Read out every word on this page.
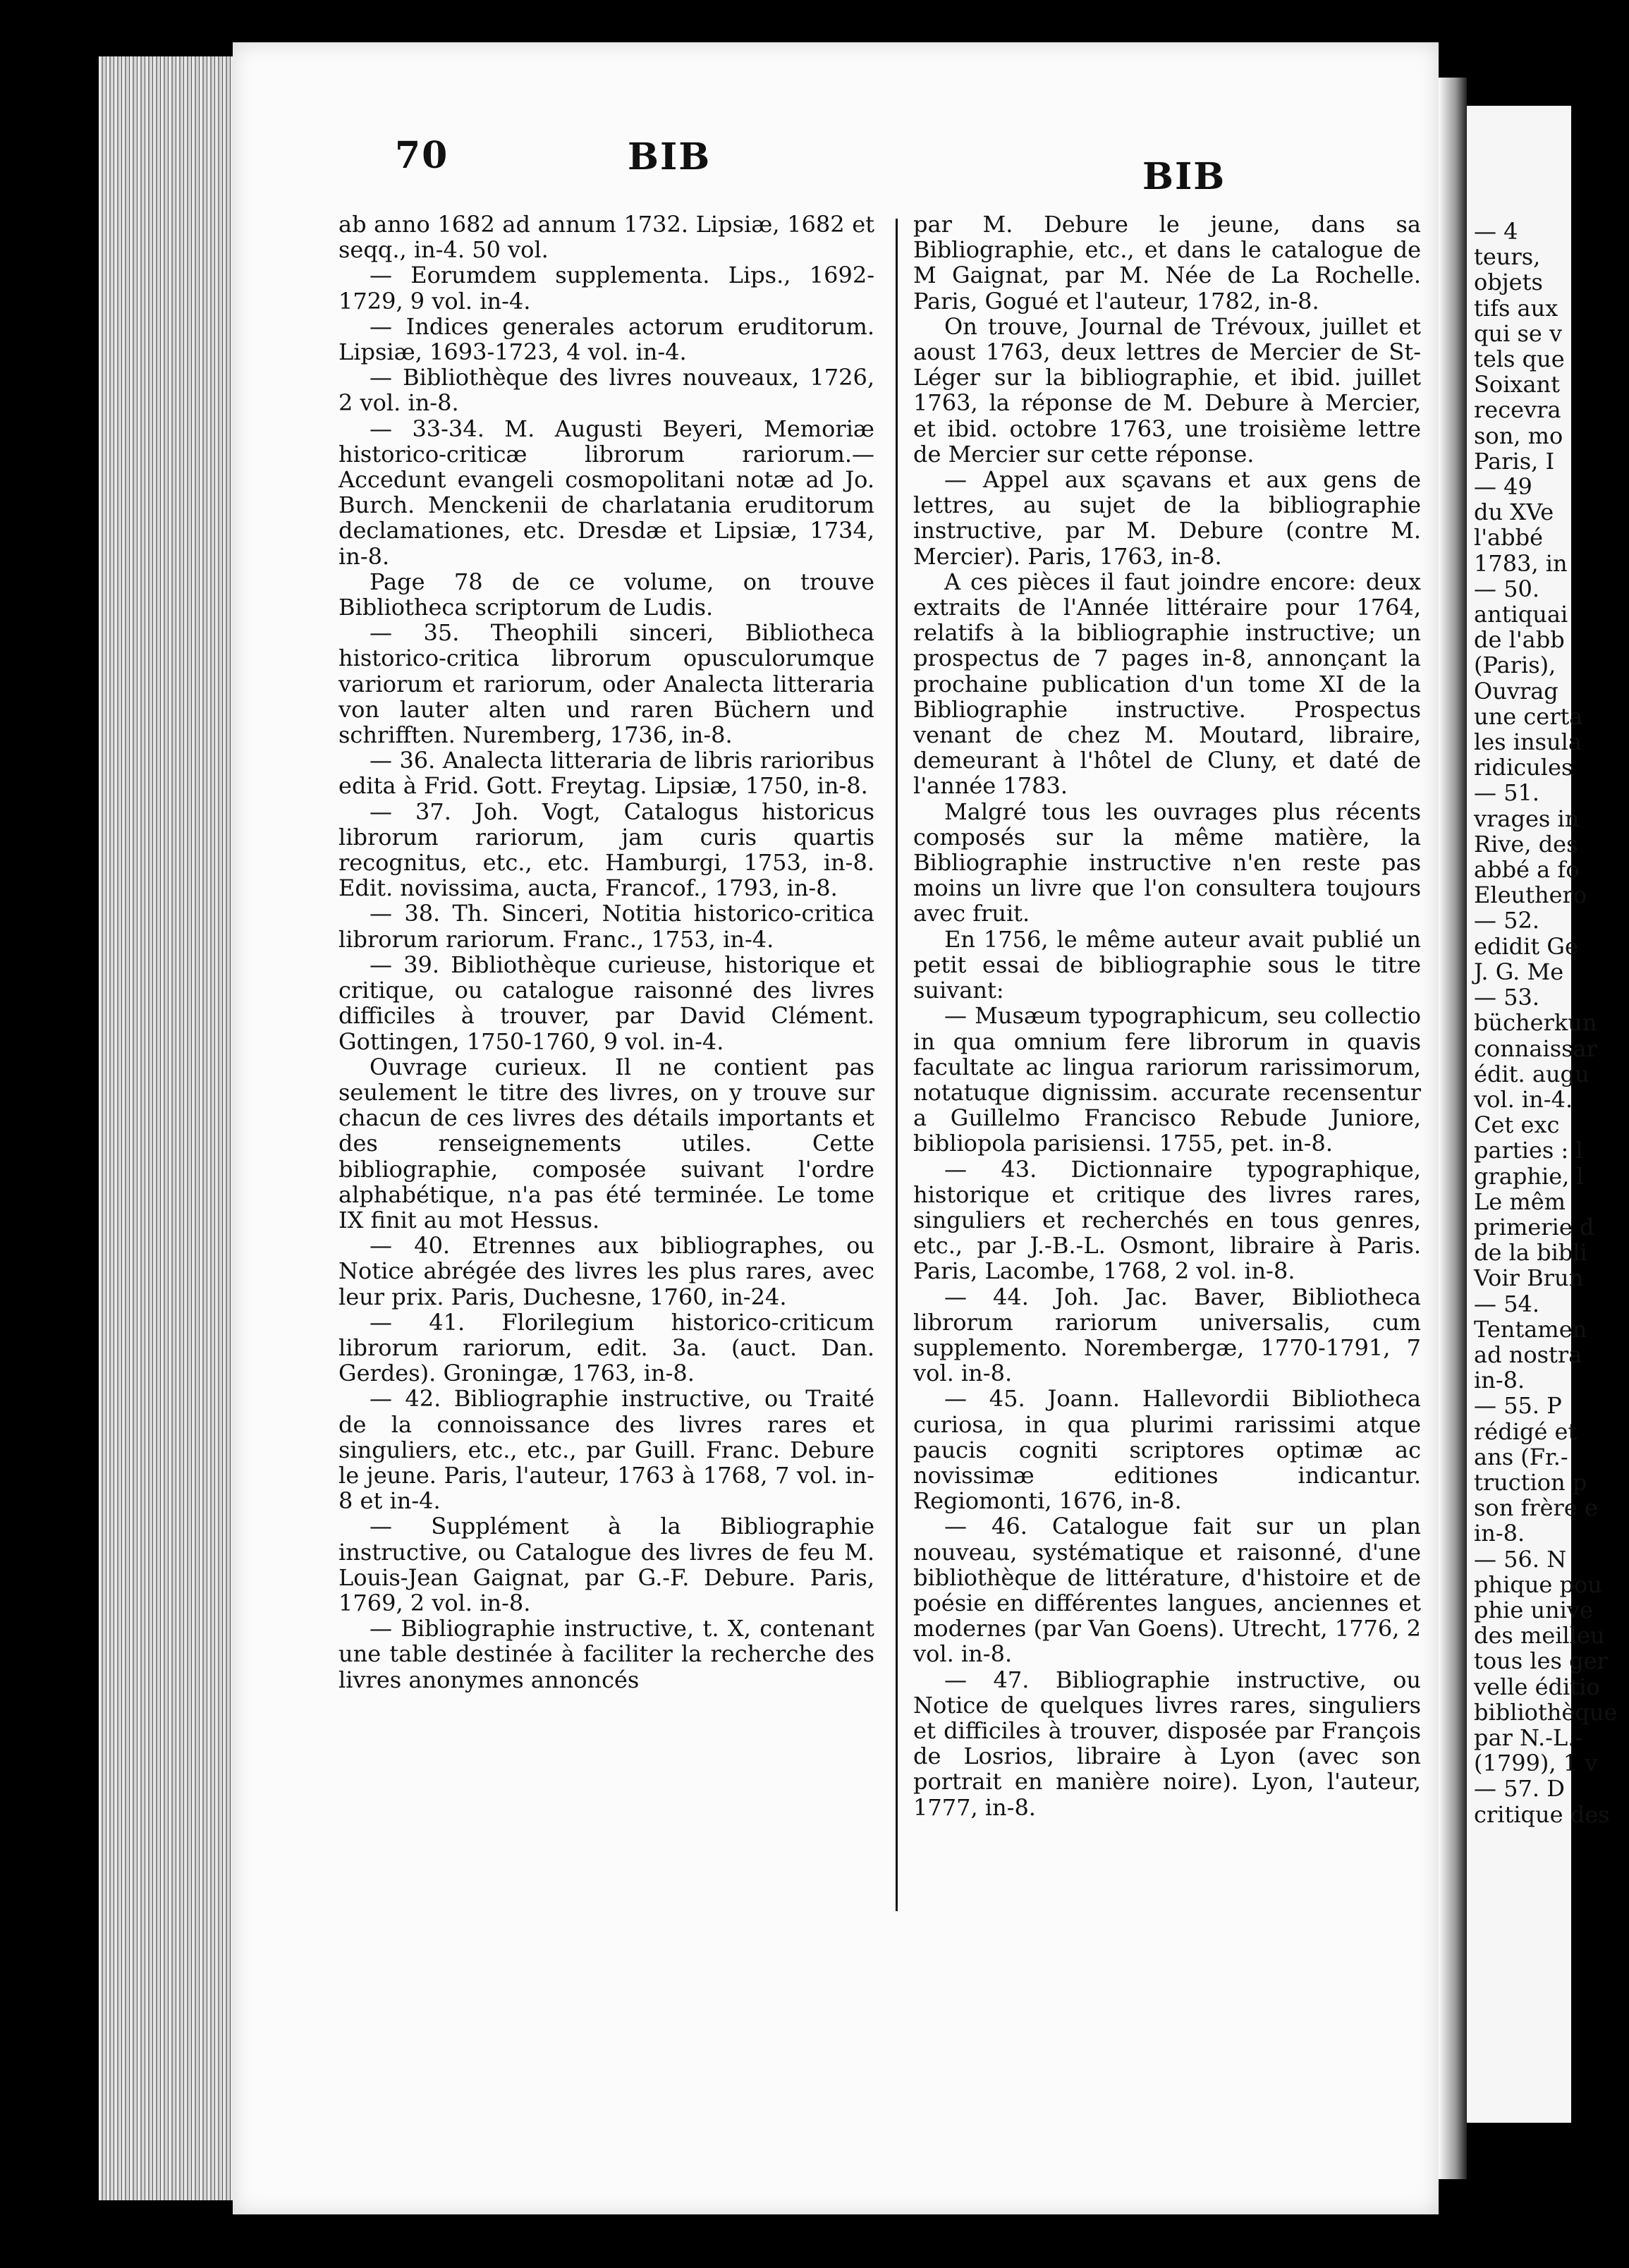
70	BIB	BIB

ab anno 1682 ad annum 1732. Lipsiæ, 1682 et seqq., in-4. 50 vol.

— Eorumdem supplementa. Lips., 1692-1729, 9 vol. in-4.

— Indices generales actorum eruditorum. Lipsiæ, 1693-1723, 4 vol. in-4.

— Bibliothèque des livres nouveaux, 1726, 2 vol. in-8.

— 33-34. M. Augusti Beyeri, Memoriæ historico-criticæ librorum rariorum.—Accedunt evangeli cosmopolitani notæ ad Jo. Burch. Menckenii de charlatania eruditorum declamationes, etc. Dresdæ et Lipsiæ, 1734, in-8.

Page 78 de ce volume, on trouve Bibliotheca scriptorum de Ludis.

— 35. Theophili sinceri, Bibliotheca historico-critica librorum opusculorumque variorum et rariorum, oder Analecta litteraria von lauter alten und raren Büchern und schrifften. Nuremberg, 1736, in-8.

— 36. Analecta litteraria de libris rarioribus edita à Frid. Gott. Freytag. Lipsiæ, 1750, in-8.

— 37. Joh. Vogt, Catalogus historicus librorum rariorum, jam curis quartis recognitus, etc., etc. Hamburgi, 1753, in-8. Edit. novissima, aucta, Francof., 1793, in-8.

— 38. Th. Sinceri, Notitia historico-critica librorum rariorum. Franc., 1753, in-4.

— 39. Bibliothèque curieuse, historique et critique, ou catalogue raisonné des livres difficiles à trouver, par David Clément. Gottingen, 1750-1760, 9 vol. in-4.

Ouvrage curieux. Il ne contient pas seulement le titre des livres, on y trouve sur chacun de ces livres des détails importants et des renseignements utiles. Cette bibliographie, composée suivant l'ordre alphabétique, n'a pas été terminée. Le tome IX finit au mot Hessus.

— 40. Etrennes aux bibliographes, ou Notice abrégée des livres les plus rares, avec leur prix. Paris, Duchesne, 1760, in-24.

— 41. Florilegium historico-criticum librorum rariorum, edit. 3a. (auct. Dan. Gerdes). Groningæ, 1763, in-8.

— 42. Bibliographie instructive, ou Traité de la connoissance des livres rares et singuliers, etc., etc., par Guill. Franc. Debure le jeune. Paris, l'auteur, 1763 à 1768, 7 vol. in-8 et in-4.

— Supplément à la Bibliographie instructive, ou Catalogue des livres de feu M. Louis-Jean Gaignat, par G.-F. Debure. Paris, 1769, 2 vol. in-8.

— Bibliographie instructive, t. X, contenant une table destinée à faciliter la recherche des livres anonymes annoncés

par M. Debure le jeune, dans sa Bibliographie, etc., et dans le catalogue de M Gaignat, par M. Née de La Rochelle. Paris, Gogué et l'auteur, 1782, in-8.

On trouve, Journal de Trévoux, juillet et aoust 1763, deux lettres de Mercier de St-Léger sur la bibliographie, et ibid. juillet 1763, la réponse de M. Debure à Mercier, et ibid. octobre 1763, une troisième lettre de Mercier sur cette réponse.

— Appel aux sçavans et aux gens de lettres, au sujet de la bibliographie instructive, par M. Debure (contre M. Mercier). Paris, 1763, in-8.

A ces pièces il faut joindre encore: deux extraits de l'Année littéraire pour 1764, relatifs à la bibliographie instructive; un prospectus de 7 pages in-8, annonçant la prochaine publication d'un tome XI de la Bibliographie instructive. Prospectus venant de chez M. Moutard, libraire, demeurant à l'hôtel de Cluny, et daté de l'année 1783.

Malgré tous les ouvrages plus récents composés sur la même matière, la Bibliographie instructive n'en reste pas moins un livre que l'on consultera toujours avec fruit.

En 1756, le même auteur avait publié un petit essai de bibliographie sous le titre suivant:

— Musæum typographicum, seu collectio in qua omnium fere librorum in quavis facultate ac lingua rariorum rarissimorum, notatuque dignissim. accurate recensentur a Guillelmo Francisco Rebude Juniore, bibliopola parisiensi. 1755, pet. in-8.

— 43. Dictionnaire typographique, historique et critique des livres rares, singuliers et recherchés en tous genres, etc., par J.-B.-L. Osmont, libraire à Paris. Paris, Lacombe, 1768, 2 vol. in-8.

— 44. Joh. Jac. Baver, Bibliotheca librorum rariorum universalis, cum supplemento. Norembergæ, 1770-1791, 7 vol. in-8.

— 45. Joann. Hallevordii Bibliotheca curiosa, in qua plurimi rarissimi atque paucis cogniti scriptores optimæ ac novissimæ editiones indicantur. Regiomonti, 1676, in-8.

— 46. Catalogue fait sur un plan nouveau, systématique et raisonné, d'une bibliothèque de littérature, d'histoire et de poésie en différentes langues, anciennes et modernes (par Van Goens). Utrecht, 1776, 2 vol. in-8.

— 47. Bibliographie instructive, ou Notice de quelques livres rares, singuliers et difficiles à trouver, disposée par François de Losrios, libraire à Lyon (avec son portrait en manière noire). Lyon, l'auteur, 1777, in-8.

— 4

teurs,

objets

tifs aux

qui se v

tels que

Soixant

recevra

son, mo

Paris, I

— 49

du XVe

l'abbé

1783, in

— 50.

antiquai

de l'abb

(Paris),

Ouvrag

une certa

les insula

ridicules

— 51.

vrages in

Rive, des

abbé a fo

Eleuthero

— 52.

edidit Ge

J. G. Me

— 53.

bücherkun

connaissar

édit. augu

vol. in-4.

Cet exc

parties : l

graphie, l

Le mêm

primerie d

de la bibli

Voir Brun

— 54.

Tentamen

ad nostra

in-8.

— 55. P

rédigé et

ans (Fr.-

truction p

son frère e

in-8.

— 56. N

phique pou

phie unive

des meilleu

tous les ger

velle éditio

bibliothèque

par N.-L.-

(1799), 1 v

— 57. D

critique des
